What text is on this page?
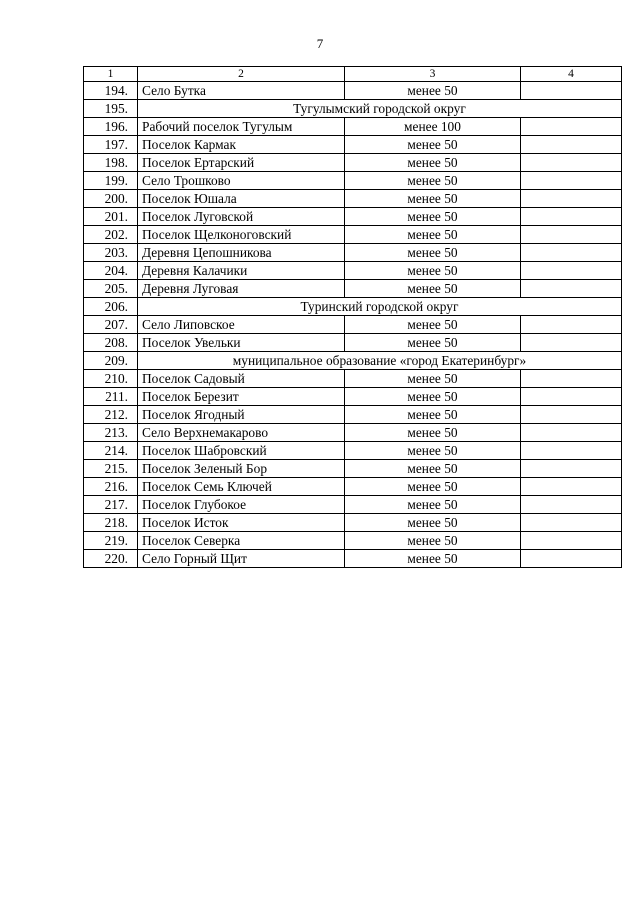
7
1	2	3	4
194.	Село Бутка	менее 50	
195.	Тугулымский городской округ		
196.	Рабочий поселок Тугулым	менее 100	
197.	Поселок Кармак	менее 50	
198.	Поселок Ертарский	менее 50	
199.	Село Трошково	менее 50	
200.	Поселок Юшала	менее 50	
201.	Поселок Луговской	менее 50	
202.	Поселок Щелконоговский	менее 50	
203.	Деревня Цепошникова	менее 50	
204.	Деревня Калачики	менее 50	
205.	Деревня Луговая	менее 50	
206.	Туринский городской округ		
207.	Село Липовское	менее 50	
208.	Поселок Увельки	менее 50	
209.	муниципальное образование «город Екатеринбург»		
210.	Поселок Садовый	менее 50	
211.	Поселок Березит	менее 50	
212.	Поселок Ягодный	менее 50	
213.	Село Верхнемакарово	менее 50	
214.	Поселок Шабровский	менее 50	
215.	Поселок Зеленый Бор	менее 50	
216.	Поселок Семь Ключей	менее 50	
217.	Поселок Глубокое	менее 50	
218.	Поселок Исток	менее 50	
219.	Поселок Северка	менее 50	
220.	Село Горный Щит	менее 50	
